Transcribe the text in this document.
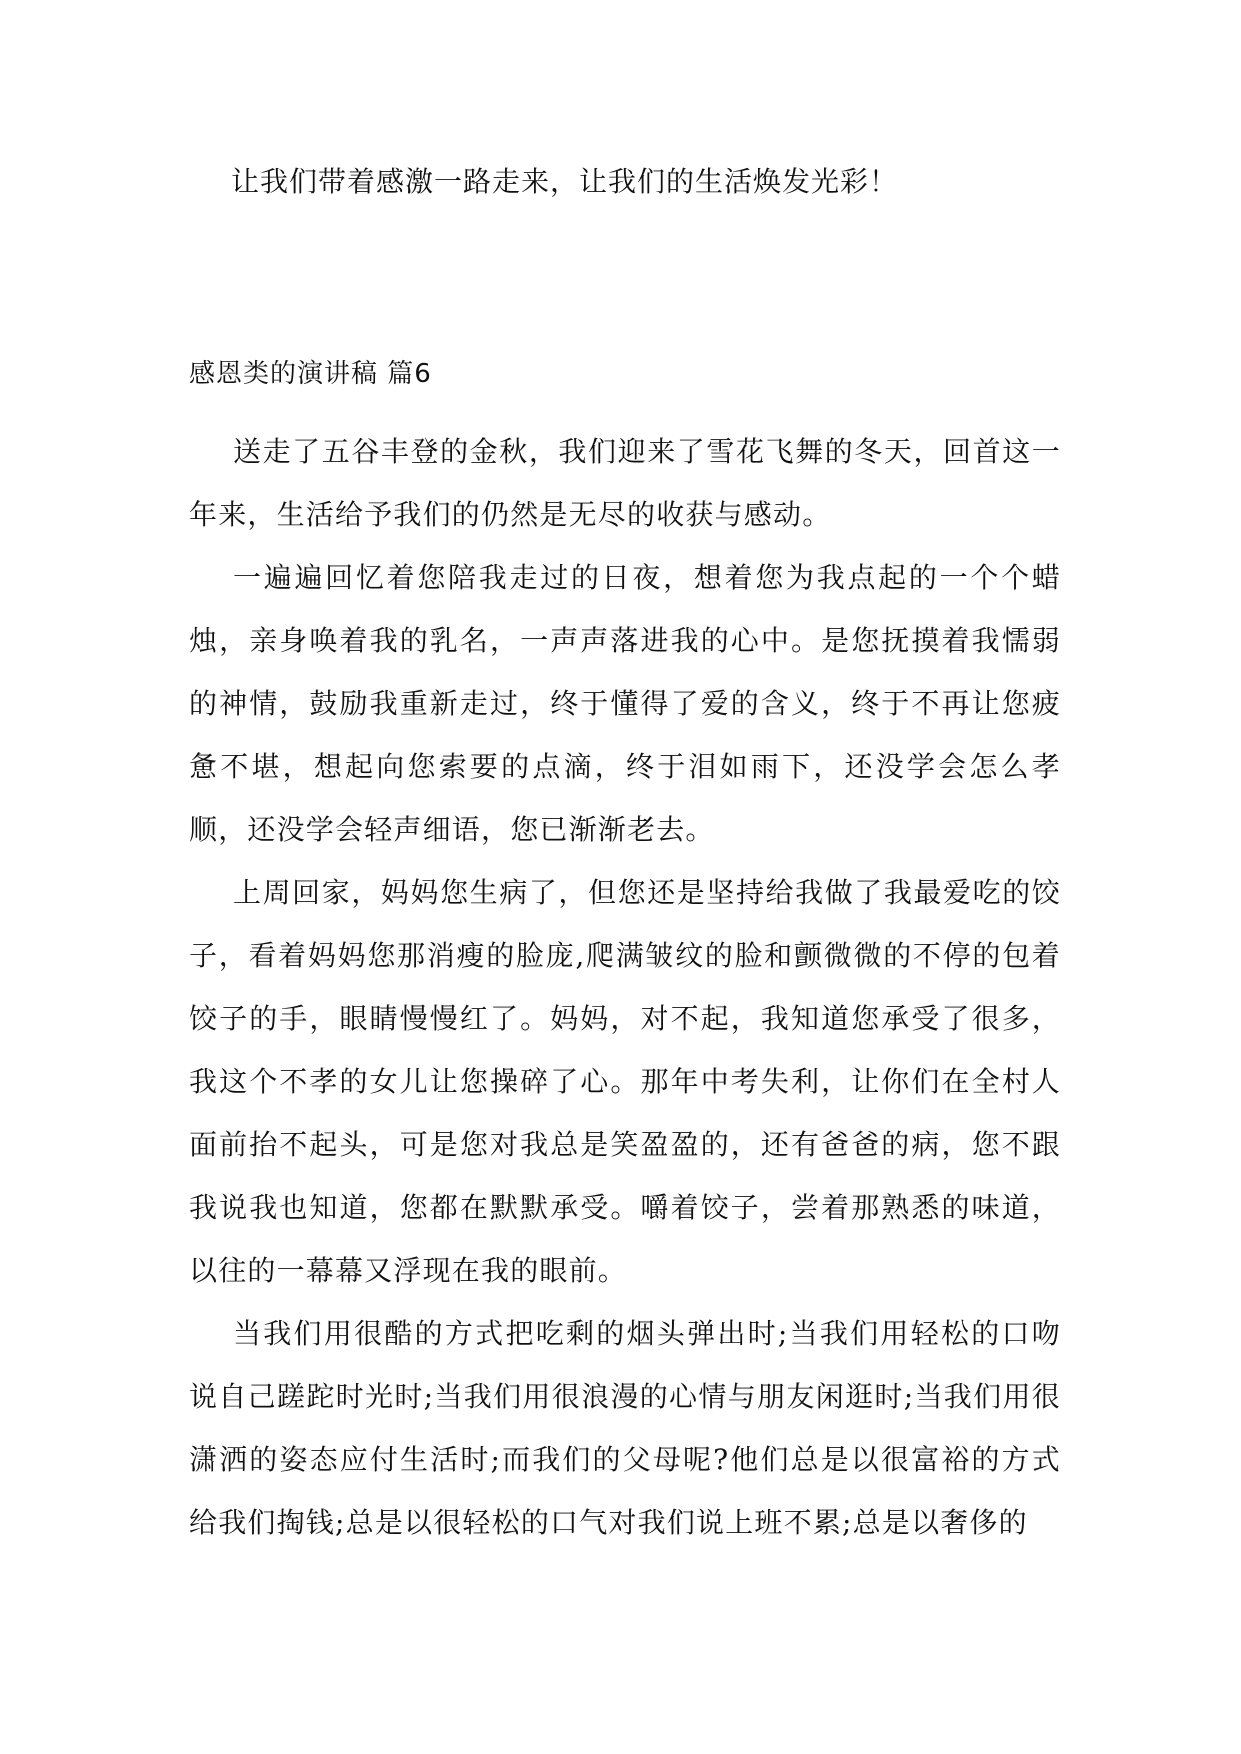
让我们带着感激一路走来，让我们的生活焕发光彩！

感恩类的演讲稿 篇6

送走了五谷丰登的金秋，我们迎来了雪花飞舞的冬天，回首这一年来，生活给予我们的仍然是无尽的收获与感动。

一遍遍回忆着您陪我走过的日夜，想着您为我点起的一个个蜡烛，亲身唤着我的乳名，一声声落进我的心中。是您抚摸着我懦弱的神情，鼓励我重新走过，终于懂得了爱的含义，终于不再让您疲惫不堪，想起向您索要的点滴，终于泪如雨下，还没学会怎么孝顺，还没学会轻声细语，您已渐渐老去。

上周回家，妈妈您生病了，但您还是坚持给我做了我最爱吃的饺子，看着妈妈您那消瘦的脸庞,爬满皱纹的脸和颤微微的不停的包着饺子的手，眼睛慢慢红了。妈妈，对不起，我知道您承受了很多，我这个不孝的女儿让您操碎了心。那年中考失利，让你们在全村人面前抬不起头，可是您对我总是笑盈盈的，还有爸爸的病，您不跟我说我也知道，您都在默默承受。嚼着饺子，尝着那熟悉的味道，以往的一幕幕又浮现在我的眼前。

当我们用很酷的方式把吃剩的烟头弹出时;当我们用轻松的口吻说自己蹉跎时光时;当我们用很浪漫的心情与朋友闲逛时;当我们用很潇洒的姿态应付生活时;而我们的父母呢?他们总是以很富裕的方式给我们掏钱;总是以很轻松的口气对我们说上班不累;总是以奢侈的
